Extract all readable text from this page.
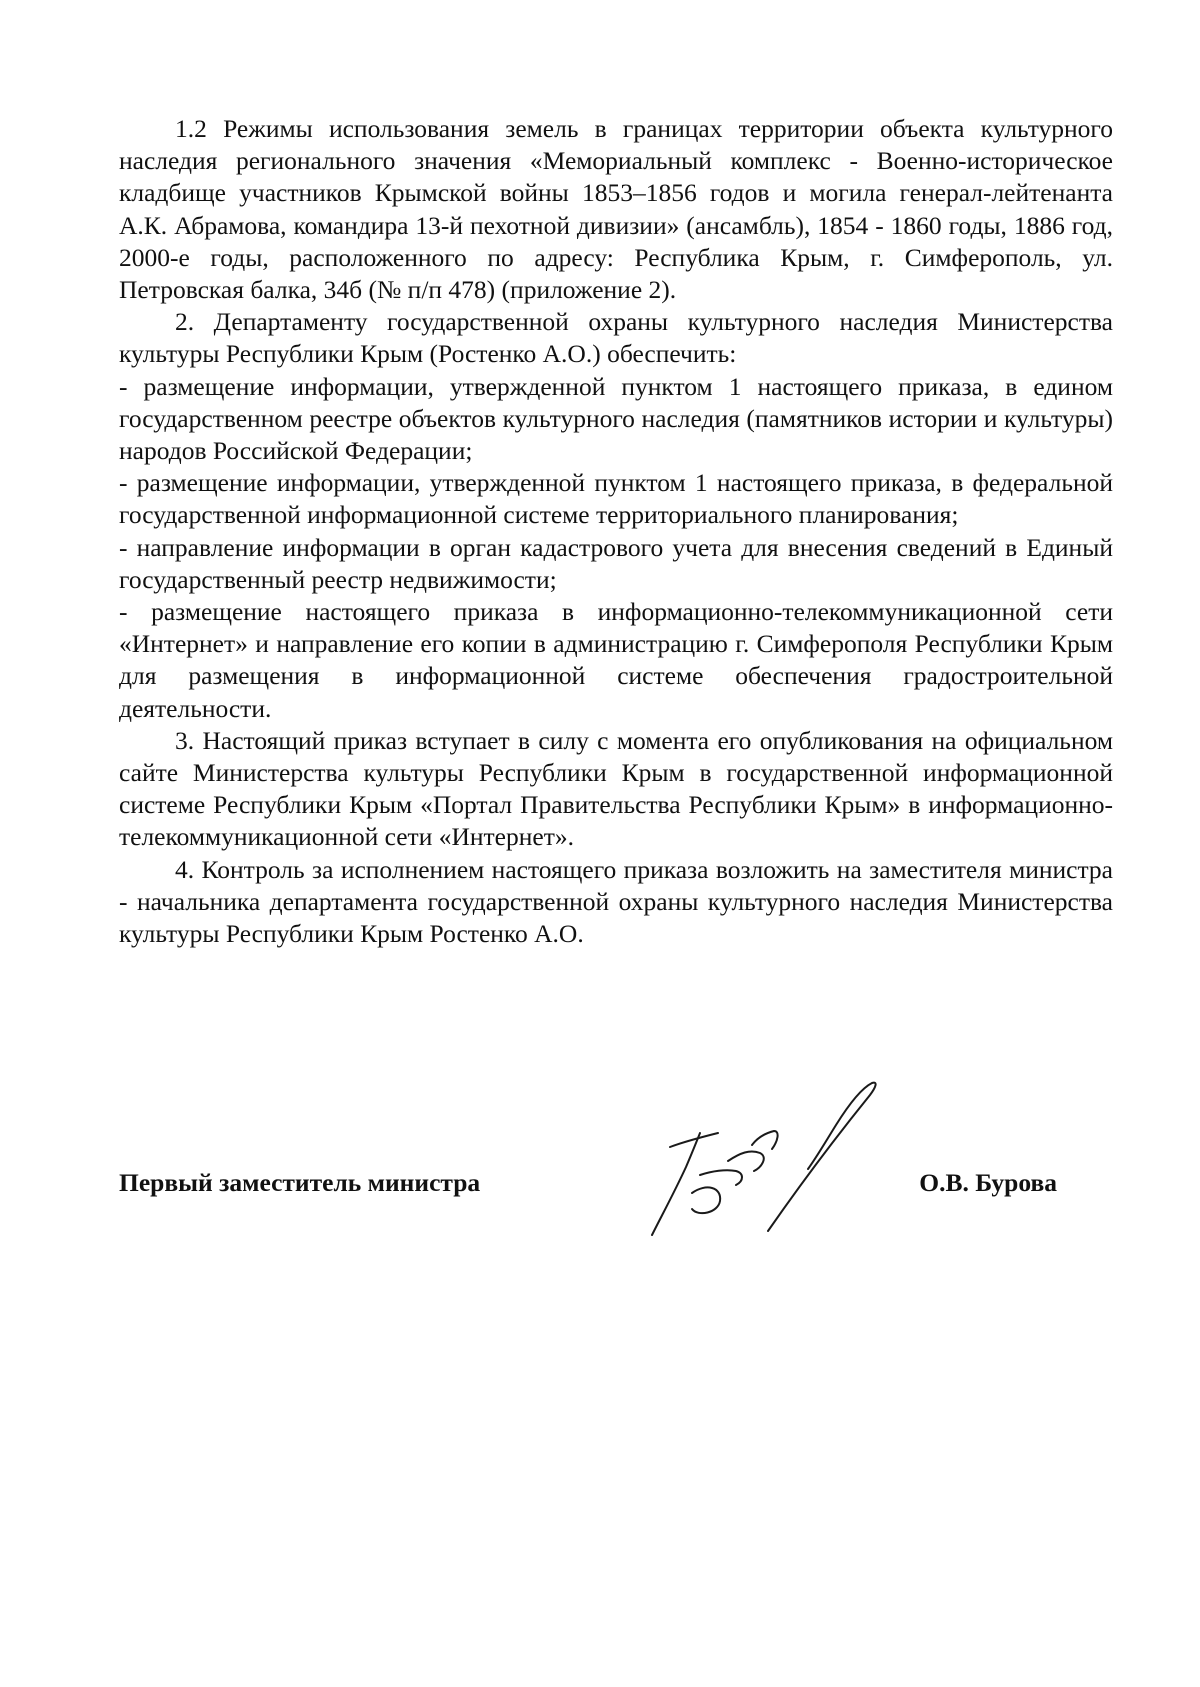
1.2 Режимы использования земель в границах территории объекта культурного наследия регионального значения «Мемориальный комплекс - Военно-историческое кладбище участников Крымской войны 1853–1856 годов и могила генерал-лейтенанта А.К. Абрамова, командира 13-й пехотной дивизии» (ансамбль), 1854 - 1860 годы, 1886 год, 2000-е годы, расположенного по адресу: Республика Крым, г. Симферополь, ул. Петровская балка, 34б (№ п/п 478) (приложение 2).

2. Департаменту государственной охраны культурного наследия Министерства культуры Республики Крым (Ростенко А.О.) обеспечить:

- размещение информации, утвержденной пунктом 1 настоящего приказа, в едином государственном реестре объектов культурного наследия (памятников истории и культуры) народов Российской Федерации;

- размещение информации, утвержденной пунктом 1 настоящего приказа, в федеральной государственной информационной системе территориального планирования;

- направление информации в орган кадастрового учета для внесения сведений в Единый государственный реестр недвижимости;

- размещение настоящего приказа в информационно-телекоммуникационной сети «Интернет» и направление его копии в администрацию г. Симферополя Республики Крым для размещения в информационной системе обеспечения градостроительной деятельности.

3. Настоящий приказ вступает в силу с момента его опубликования на официальном сайте Министерства культуры Республики Крым в государственной информационной системе Республики Крым «Портал Правительства Республики Крым» в информационно-телекоммуникационной сети «Интернет».

4. Контроль за исполнением настоящего приказа возложить на заместителя министра - начальника департамента государственной охраны культурного наследия Министерства культуры Республики Крым Ростенко А.О.

Первый заместитель министра	О.В. Бурова
